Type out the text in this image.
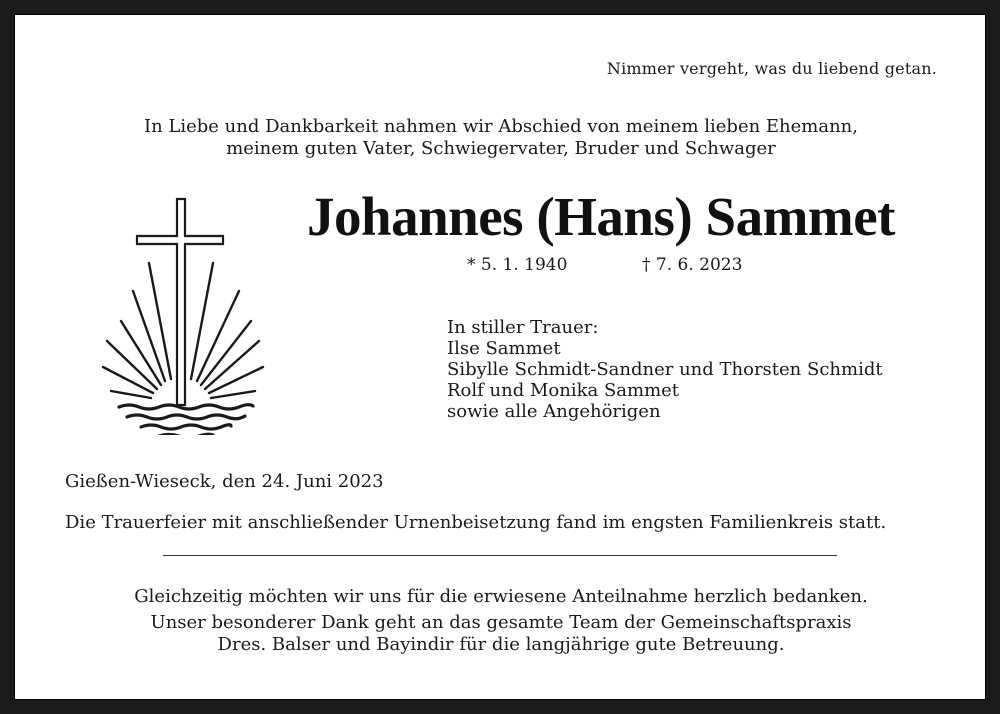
Nimmer vergeht, was du liebend getan.
In Liebe und Dankbarkeit nahmen wir Abschied von meinem lieben Ehemann,
meinem guten Vater, Schwiegervater, Bruder und Schwager
Johannes (Hans) Sammet
* 5. 1. 1940	† 7. 6. 2023
In stiller Trauer:
Ilse Sammet
Sibylle Schmidt-Sandner und Thorsten Schmidt
Rolf und Monika Sammet
sowie alle Angehörigen
Gießen-Wieseck, den 24. Juni 2023
Die Trauerfeier mit anschließender Urnenbeisetzung fand im engsten Familienkreis statt.
Gleichzeitig möchten wir uns für die erwiesene Anteilnahme herzlich bedanken.
Unser besonderer Dank geht an das gesamte Team der Gemeinschaftspraxis
Dres. Balser und Bayindir für die langjährige gute Betreuung.
